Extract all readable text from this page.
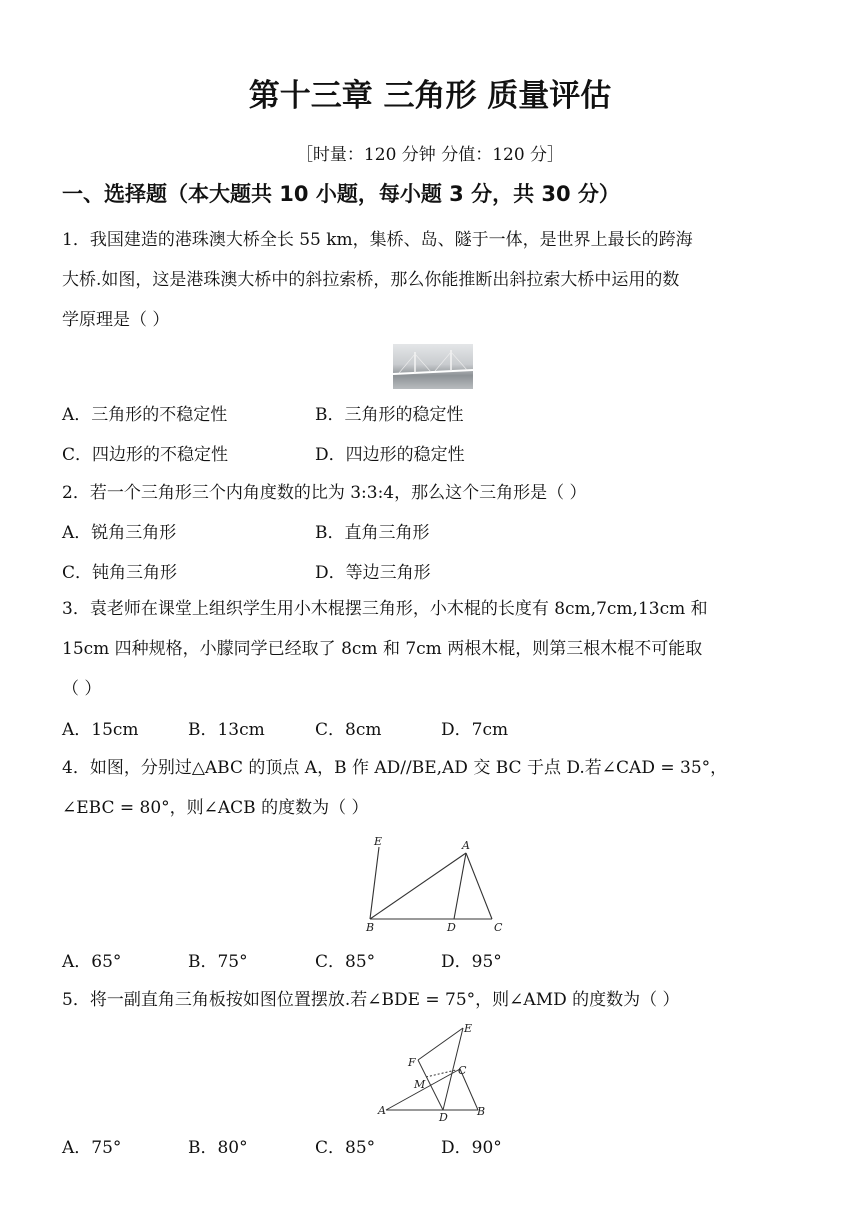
第十三章 三角形 质量评估
［时量：120 分钟 分值：120 分］
一、选择题（本大题共 10 小题，每小题 3 分，共 30 分）
1．我国建造的港珠澳大桥全长 55 km，集桥、岛、隧于一体，是世界上最长的跨海
大桥.如图，这是港珠澳大桥中的斜拉索桥，那么你能推断出斜拉索大桥中运用的数
学原理是（ ）
A．三角形的不稳定性	B．三角形的稳定性
C．四边形的不稳定性	D．四边形的稳定性
2．若一个三角形三个内角度数的比为 3:3:4，那么这个三角形是（ ）
A．锐角三角形	B．直角三角形
C．钝角三角形	D．等边三角形
3．袁老师在课堂上组织学生用小木棍摆三角形，小木棍的长度有 8cm,7cm,13cm 和
15cm 四种规格，小朦同学已经取了 8cm 和 7cm 两根木棍，则第三根木棍不可能取
（ ）
A．15cm	B．13cm	C．8cm	D．7cm
4．如图，分别过△ABC 的顶点 A，B 作 AD//BE,AD 交 BC 于点 D.若∠CAD = 35°，
∠EBC = 80°，则∠ACB 的度数为（ ）
E	A
B	D	C
A．65°	B．75°	C．85°	D．95°
5．将一副直角三角板按如图位置摆放.若∠BDE = 75°，则∠AMD 的度数为（ ）
E
F
C
M
A
D	B
A．75°	B．80°	C．85°	D．90°
